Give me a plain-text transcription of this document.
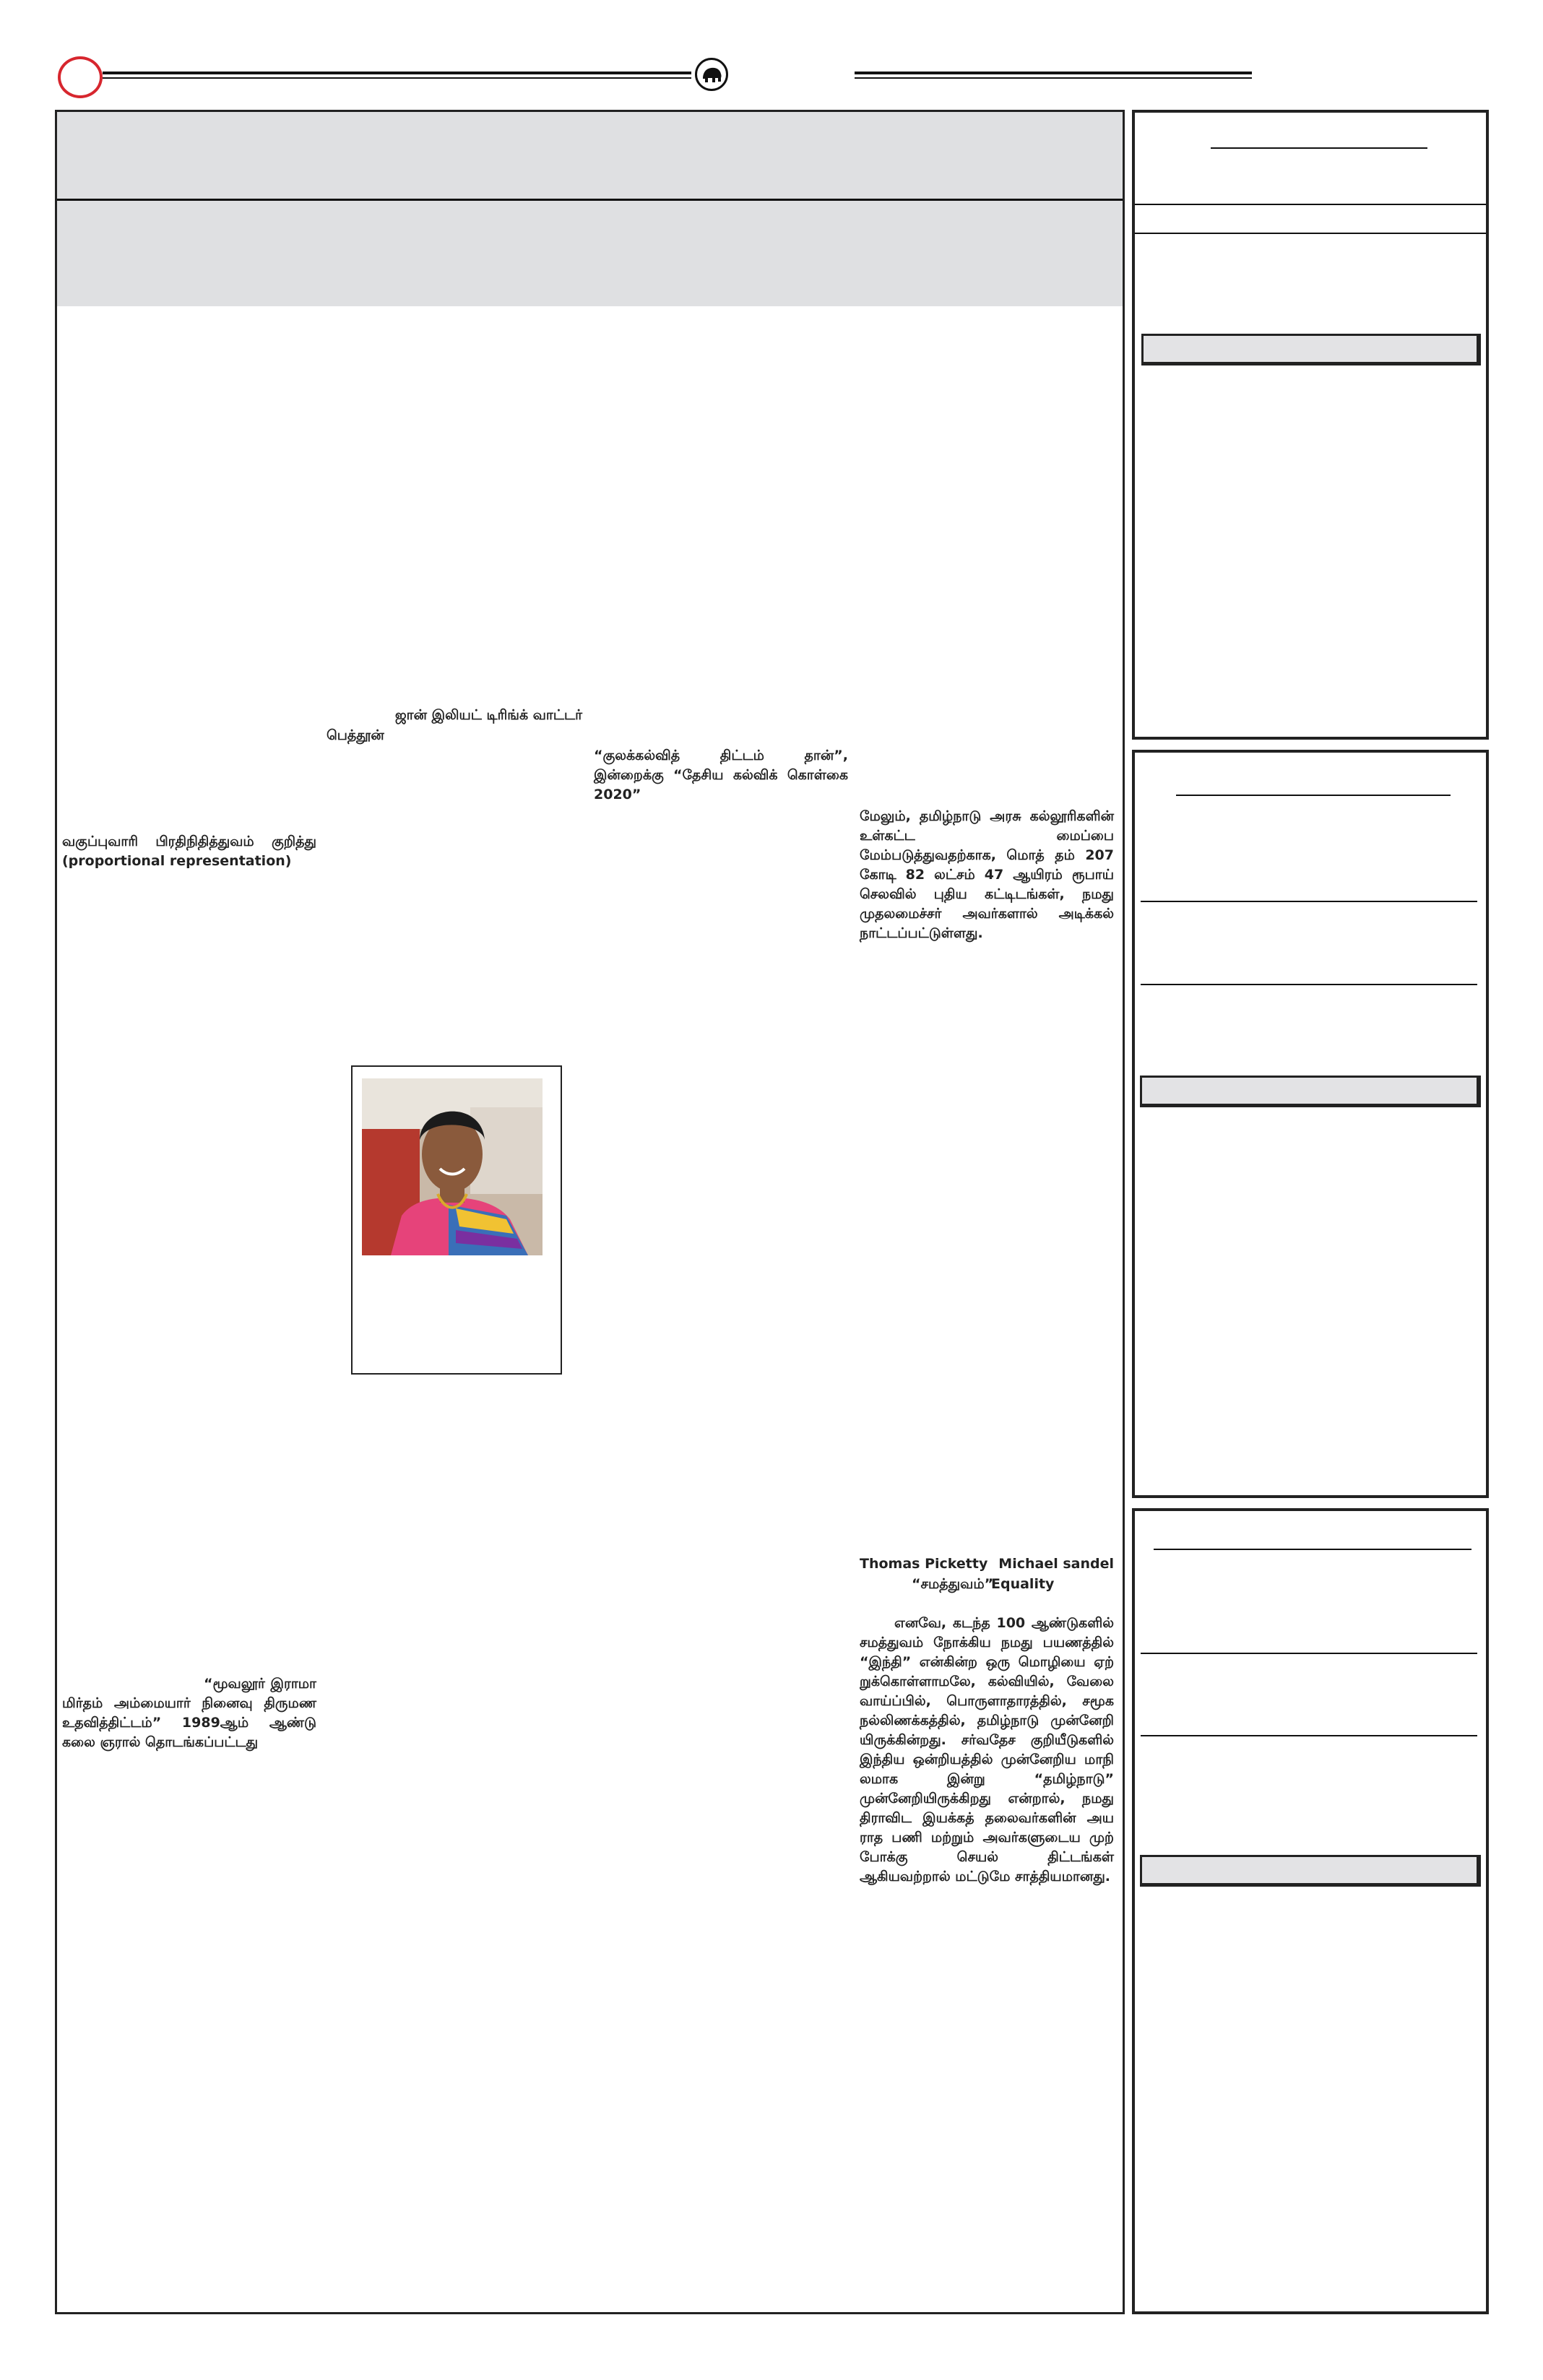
ஜான் இலியட் டிரிங்க் வாட்டர்
பெத்தூன்
“குலக்கல்வித் திட்டம் தான்”, இன்றைக்கு “தேசிய கல்விக் கொள்கை 2020”
வகுப்புவாரி பிரதிநிதித்துவம் குறித்து
(proportional representation)
மேலும், தமிழ்நாடு அரசு கல்லூரிகளின் உள்கட்ட மைப்பை மேம்படுத்துவதற்காக, மொத் தம் 207 கோடி 82 லட்சம் 47 ஆயிரம் ரூபாய் செலவில் புதிய கட்டிடங்கள், நமது முதலமைச்சர் அவர்களால் அடிக்கல் நாட்டப்பட்டுள்ளது.
Thomas Picketty Michael sandel
“சமத்துவம்”
Equality
எனவே, கடந்த 100 ஆண்டுகளில் சமத்துவம் நோக்கிய நமது பயணத்தில் “இந்தி” என்கின்ற ஒரு மொழியை ஏற் றுக்கொள்ளாமலே, கல்வியில், வேலை வாய்ப்பில், பொருளாதாரத்தில், சமூக நல்லிணக்கத்தில், தமிழ்நாடு முன்னேறி யிருக்கின்றது. சர்வதேச குறியீடுகளில் இந்திய ஒன்றியத்தில் முன்னேறிய மாநி லமாக இன்று “தமிழ்நாடு” முன்னேறியிருக்கிறது என்றால், நமது திராவிட இயக்கத் தலைவர்களின் அய ராத பணி மற்றும் அவர்களுடைய முற் போக்கு செயல் திட்டங்கள் ஆகியவற்றால் மட்டுமே சாத்தியமானது.
“மூவலூர் இராமா மிர்தம் அம்மையார் நினைவு திருமண உதவித்திட்டம்” 1989ஆம் ஆண்டு கலை ஞரால் தொடங்கப்பட்டது
